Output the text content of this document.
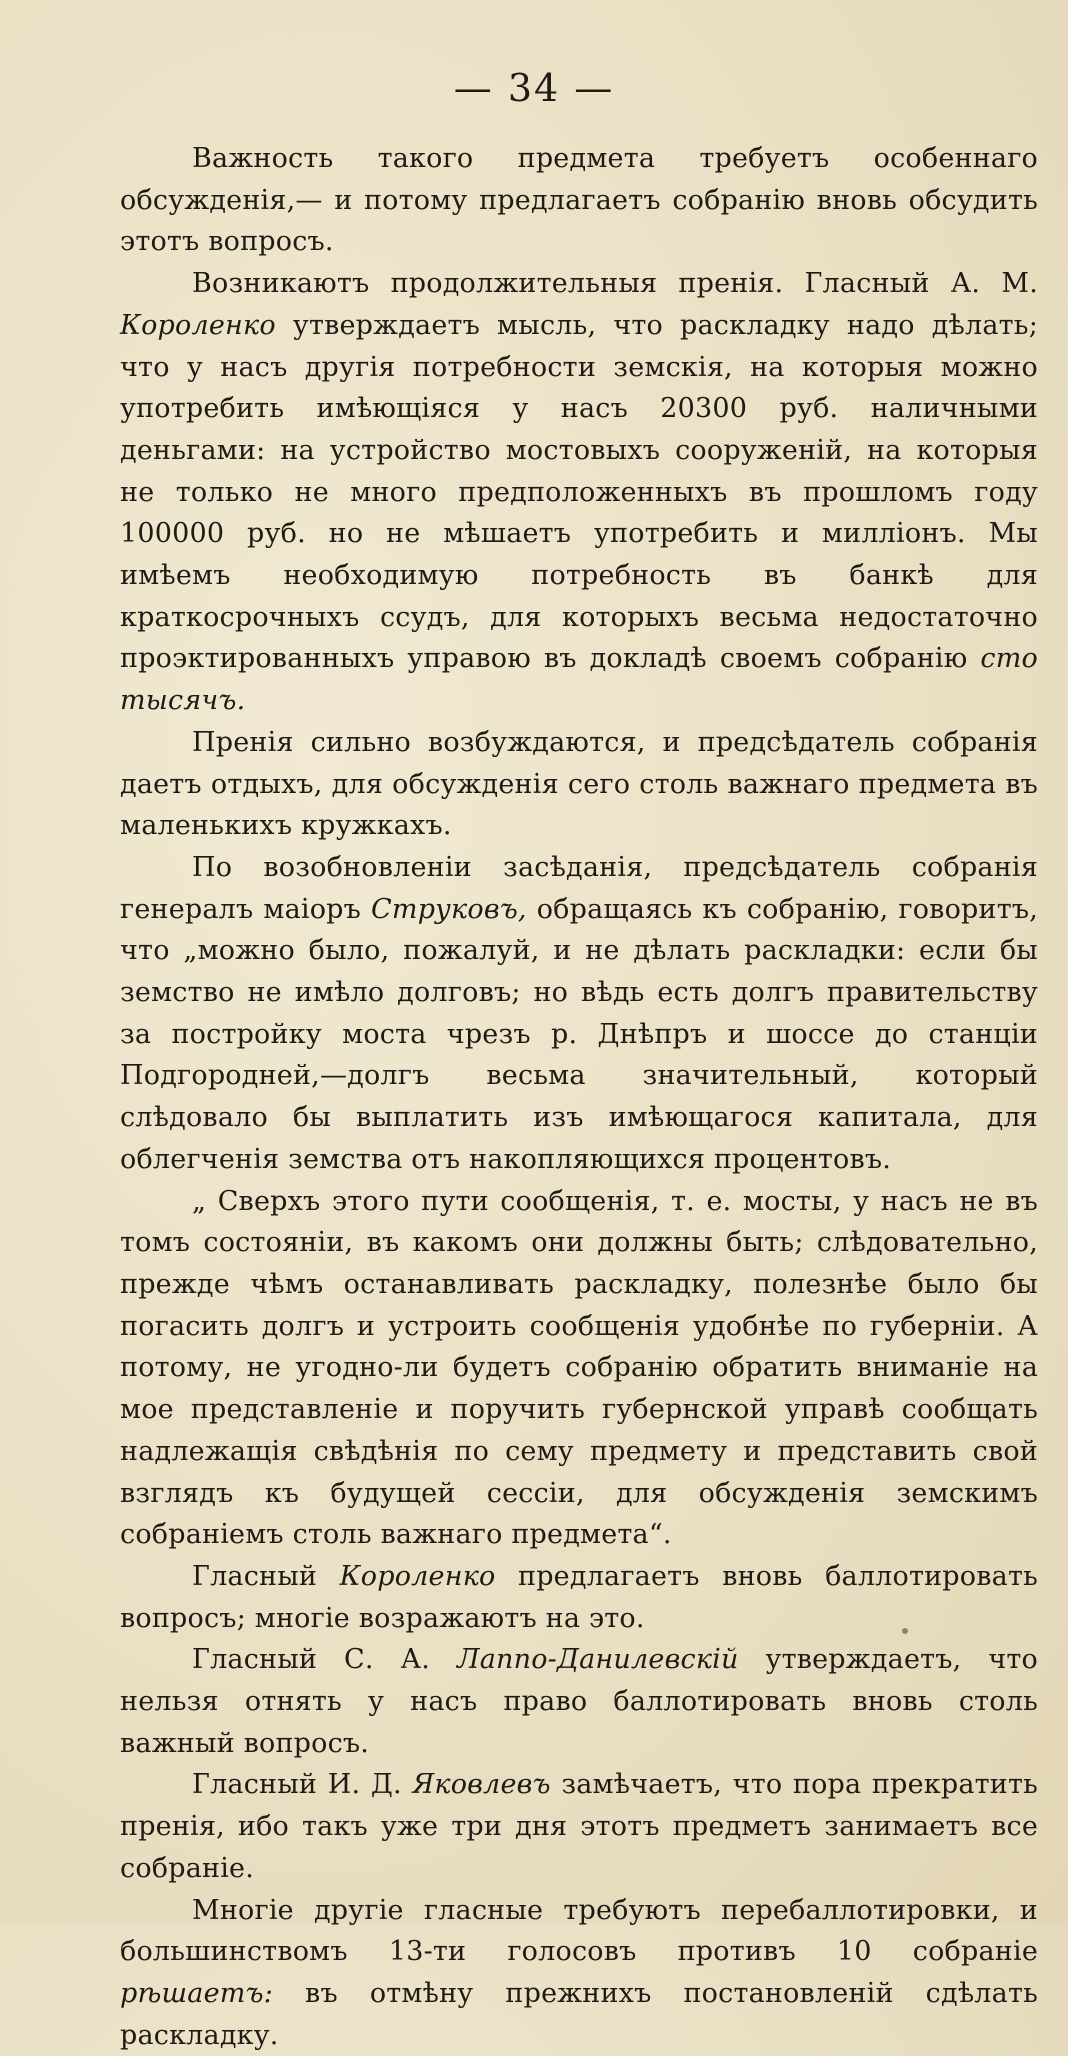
— 34 —

Важность такого предмета требуетъ особеннаго обсужденія,— и потому предлагаетъ собранію вновь обсудить этотъ вопросъ.

Возникаютъ продолжительныя пренія. Гласный А. М. Короленко утверждаетъ мысль, что раскладку надо дѣлать; что у насъ другія потребности земскія, на которыя можно употребить имѣющіяся у насъ 20300 руб. наличными деньгами: на устройство мостовыхъ сооруженій, на которыя не только не много предположенныхъ въ прошломъ году 100000 руб. но не мѣшаетъ употребить и милліонъ. Мы имѣемъ необходимую потребность въ банкѣ для краткосрочныхъ ссудъ, для которыхъ весьма недостаточно проэктированныхъ управою въ докладѣ своемъ собранію сто тысячъ.

Пренія сильно возбуждаются, и предсѣдатель собранія даетъ отдыхъ, для обсужденія сего столь важнаго предмета въ маленькихъ кружкахъ.

По возобновленіи засѣданія, предсѣдатель собранія генералъ маіоръ Струковъ, обращаясь къ собранію, говоритъ, что „можно было, пожалуй, и не дѣлать раскладки: если бы земство не имѣло долговъ; но вѣдь есть долгъ правительству за постройку моста чрезъ р. Днѣпръ и шоссе до станціи Подгородней,—долгъ весьма значительный, который слѣдовало бы выплатить изъ имѣющагося капитала, для облегченія земства отъ накопляющихся процентовъ.

„ Сверхъ этого пути сообщенія, т. е. мосты, у насъ не въ томъ состояніи, въ какомъ они должны быть; слѣдовательно, прежде чѣмъ останавливать раскладку, полезнѣе было бы погасить долгъ и устроить сообщенія удобнѣе по губерніи. А потому, не угодно-ли будетъ собранію обратить вниманіе на мое представленіе и поручить губернской управѣ сообщать надлежащія свѣдѣнія по сему предмету и представить свой взглядъ къ будущей сессіи, для обсужденія земскимъ собраніемъ столь важнаго предмета“.

Гласный Короленко предлагаетъ вновь баллотировать вопросъ; многіе возражаютъ на это.

Гласный С. А. Лаппо-Данилевскій утверждаетъ, что нельзя отнять у насъ право баллотировать вновь столь важный вопросъ.

Гласный И. Д. Яковлевъ замѣчаетъ, что пора прекратить пренія, ибо такъ уже три дня этотъ предметъ занимаетъ все собраніе.

Многіе другіе гласные требуютъ перебаллотировки, и большинствомъ 13-ти голосовъ противъ 10 собраніе рѣшаетъ: въ отмѣну прежнихъ постановленій сдѣлать раскладку.
